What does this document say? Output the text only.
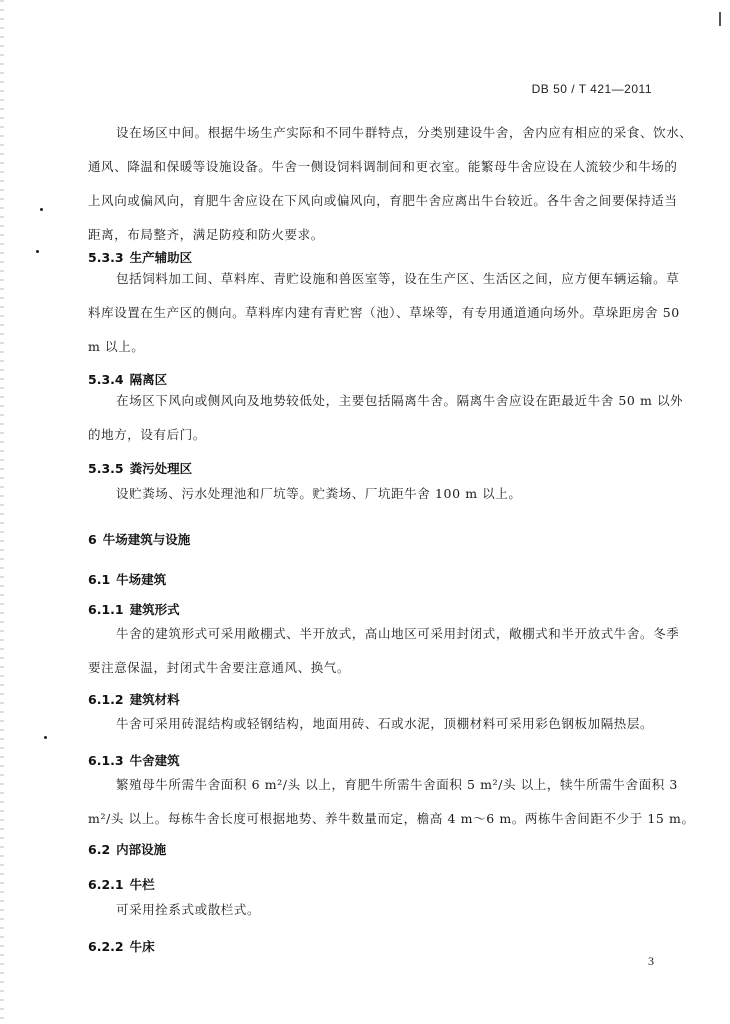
DB 50 / T 421—2011
设在场区中间。根据牛场生产实际和不同牛群特点，分类别建设牛舍，舍内应有相应的采食、饮水、
通风、降温和保暖等设施设备。牛舍一侧设饲料调制间和更衣室。能繁母牛舍应设在人流较少和牛场的
上风向或偏风向，育肥牛舍应设在下风向或偏风向，育肥牛舍应离出牛台较近。各牛舍之间要保持适当
距离，布局整齐，满足防疫和防火要求。
5.3.3 生产辅助区
包括饲料加工间、草料库、青贮设施和兽医室等，设在生产区、生活区之间，应方便车辆运输。草
料库设置在生产区的侧向。草料库内建有青贮窖（池）、草垛等，有专用通道通向场外。草垛距房舍 50
m 以上。
5.3.4 隔离区
在场区下风向或侧风向及地势较低处，主要包括隔离牛舍。隔离牛舍应设在距最近牛舍 50 m 以外
的地方，设有后门。
5.3.5 粪污处理区
设贮粪场、污水处理池和厂坑等。贮粪场、厂坑距牛舍 100 m 以上。
6 牛场建筑与设施
6.1 牛场建筑
6.1.1 建筑形式
牛舍的建筑形式可采用敞棚式、半开放式，高山地区可采用封闭式，敞棚式和半开放式牛舍。冬季
要注意保温，封闭式牛舍要注意通风、换气。
6.1.2 建筑材料
牛舍可采用砖混结构或轻钢结构，地面用砖、石或水泥，顶棚材料可采用彩色钢板加隔热层。
6.1.3 牛舍建筑
繁殖母牛所需牛舍面积 6 m²/头 以上，育肥牛所需牛舍面积 5 m²/头 以上，犊牛所需牛舍面积 3
m²/头 以上。每栋牛舍长度可根据地势、养牛数量而定，檐高 4 m～6 m。两栋牛舍间距不少于 15 m。
6.2 内部设施
6.2.1 牛栏
可采用拴系式或散栏式。
6.2.2 牛床
3
